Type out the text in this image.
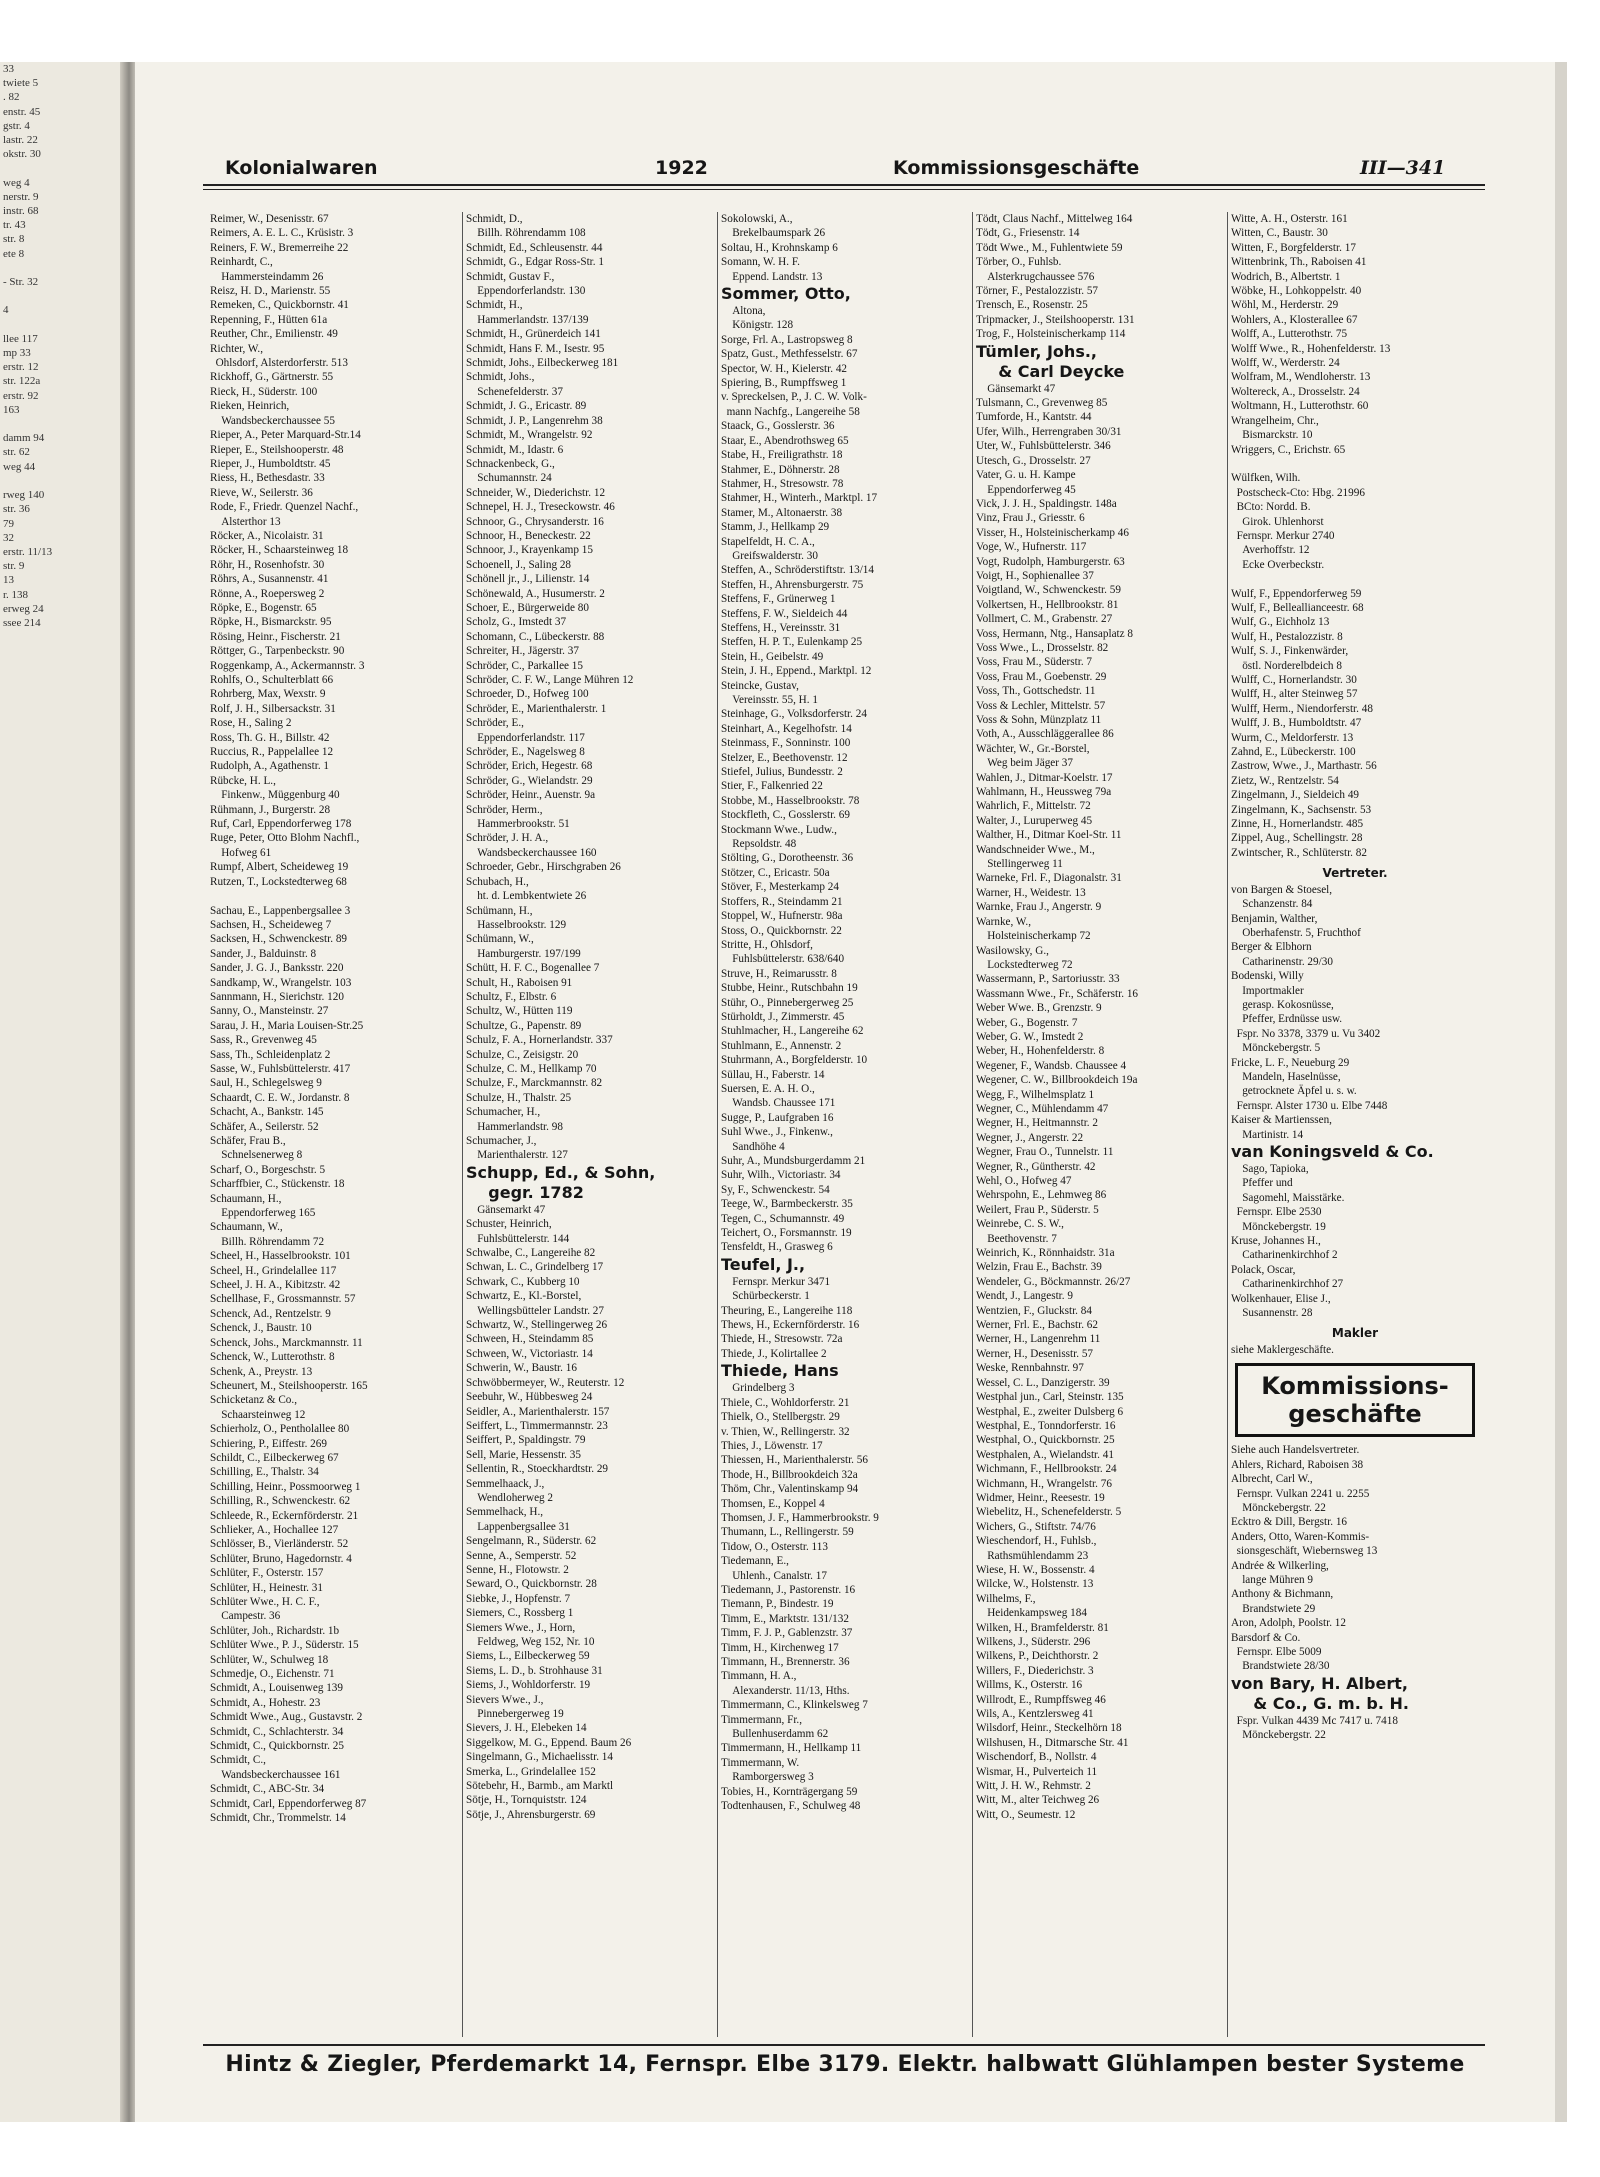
33
twiete 5
. 82
enstr. 45
gstr. 4
lastr. 22
okstr. 30

weg 4
nerstr. 9
instr. 68
tr. 43
str. 8
ete 8

- Str. 32

4

llee 117
mp 33
erstr. 12
str. 122a
erstr. 92
163

damm 94
str. 62
weg 44

rweg 140
str. 36
79
32
erstr. 11/13
str. 9
13
r. 138
erweg 24
ssee 214
Kolonialwaren	1922	Kommissionsgeschäfte	III—341
Reimer, W., Desenisstr. 67
Reimers, A. E. L. C., Krüsistr. 3
Reiners, F. W., Bremerreihe 22
Reinhardt, C.,
Hammersteindamm 26
Reisz, H. D., Marienstr. 55
Remeken, C., Quickbornstr. 41
Repenning, F., Hütten 61a
Reuther, Chr., Emilienstr. 49
Richter, W.,
Ohlsdorf, Alsterdorferstr. 513
Rickhoff, G., Gärtnerstr. 55
Rieck, H., Süderstr. 100
Rieken, Heinrich,
Wandsbeckerchaussee 55
Rieper, A., Peter Marquard-Str.14
Rieper, E., Steilshooperstr. 48
Rieper, J., Humboldtstr. 45
Riess, H., Bethesdastr. 33
Rieve, W., Seilerstr. 36
Rode, F., Friedr. Quenzel Nachf.,
Alsterthor 13
Röcker, A., Nicolaistr. 31
Röcker, H., Schaarsteinweg 18
Röhr, H., Rosenhofstr. 30
Röhrs, A., Susannenstr. 41
Rönne, A., Roepersweg 2
Röpke, E., Bogenstr. 65
Röpke, H., Bismarckstr. 95
Rösing, Heinr., Fischerstr. 21
Röttger, G., Tarpenbeckstr. 90
Roggenkamp, A., Ackermannstr. 3
Rohlfs, O., Schulterblatt 66
Rohrberg, Max, Wexstr. 9
Rolf, J. H., Silbersackstr. 31
Rose, H., Saling 2
Ross, Th. G. H., Billstr. 42
Ruccius, R., Pappelallee 12
Rudolph, A., Agathenstr. 1
Rübcke, H. L.,
Finkenw., Müggenburg 40
Rühmann, J., Burgerstr. 28
Ruf, Carl, Eppendorferweg 178
Ruge, Peter, Otto Blohm Nachfl.,
Hofweg 61
Rumpf, Albert, Scheideweg 19
Rutzen, T., Lockstedterweg 68

Sachau, E., Lappenbergsallee 3
Sachsen, H., Scheideweg 7
Sacksen, H., Schwenckestr. 89
Sander, J., Balduinstr. 8
Sander, J. G. J., Banksstr. 220
Sandkamp, W., Wrangelstr. 103
Sannmann, H., Sierichstr. 120
Sanny, O., Mansteinstr. 27
Sarau, J. H., Maria Louisen-Str.25
Sass, R., Grevenweg 45
Sass, Th., Schleidenplatz 2
Sasse, W., Fuhlsbüttelerstr. 417
Saul, H., Schlegelsweg 9
Schaardt, C. E. W., Jordanstr. 8
Schacht, A., Bankstr. 145
Schäfer, A., Seilerstr. 52
Schäfer, Frau B.,
Schnelsenerweg 8
Scharf, O., Borgeschstr. 5
Scharffbier, C., Stückenstr. 18
Schaumann, H.,
Eppendorferweg 165
Schaumann, W.,
Billh. Röhrendamm 72
Scheel, H., Hasselbrookstr. 101
Scheel, H., Grindelallee 117
Scheel, J. H. A., Kibitzstr. 42
Schellhase, F., Grossmannstr. 57
Schenck, Ad., Rentzelstr. 9
Schenck, J., Baustr. 10
Schenck, Johs., Marckmannstr. 11
Schenck, W., Lutterothstr. 8
Schenk, A., Preystr. 13
Scheunert, M., Steilshooperstr. 165
Schicketanz & Co.,
Schaarsteinweg 12
Schierholz, O., Pentholallee 80
Schiering, P., Eiffestr. 269
Schildt, C., Eilbeckerweg 67
Schilling, E., Thalstr. 34
Schilling, Heinr., Possmoorweg 1
Schilling, R., Schwenckestr. 62
Schleede, R., Eckernförderstr. 21
Schlieker, A., Hochallee 127
Schlösser, B., Vierländerstr. 52
Schlüter, Bruno, Hagedornstr. 4
Schlüter, F., Osterstr. 157
Schlüter, H., Heinestr. 31
Schlüter Wwe., H. C. F.,
Campestr. 36
Schlüter, Joh., Richardstr. 1b
Schlüter Wwe., P. J., Süderstr. 15
Schlüter, W., Schulweg 18
Schmedje, O., Eichenstr. 71
Schmidt, A., Louisenweg 139
Schmidt, A., Hohestr. 23
Schmidt Wwe., Aug., Gustavstr. 2
Schmidt, C., Schlachterstr. 34
Schmidt, C., Quickbornstr. 25
Schmidt, C.,
Wandsbeckerchaussee 161
Schmidt, C., ABC-Str. 34
Schmidt, Carl, Eppendorferweg 87
Schmidt, Chr., Trommelstr. 14
Schmidt, D.,
Billh. Röhrendamm 108
Schmidt, Ed., Schleusenstr. 44
Schmidt, G., Edgar Ross-Str. 1
Schmidt, Gustav F.,
Eppendorferlandstr. 130
Schmidt, H.,
Hammerlandstr. 137/139
Schmidt, H., Grünerdeich 141
Schmidt, Hans F. M., Isestr. 95
Schmidt, Johs., Eilbeckerweg 181
Schmidt, Johs.,
Schenefelderstr. 37
Schmidt, J. G., Ericastr. 89
Schmidt, J. P., Langenrehm 38
Schmidt, M., Wrangelstr. 92
Schmidt, M., Idastr. 6
Schnackenbeck, G.,
Schumannstr. 24
Schneider, W., Diederichstr. 12
Schnepel, H. J., Treseckowstr. 46
Schnoor, G., Chrysanderstr. 16
Schnoor, H., Beneckestr. 22
Schnoor, J., Krayenkamp 15
Schoenell, J., Saling 28
Schönell jr., J., Lilienstr. 14
Schönewald, A., Husumerstr. 2
Schoer, E., Bürgerweide 80
Scholz, G., Imstedt 37
Schomann, C., Lübeckerstr. 88
Schreiter, H., Jägerstr. 37
Schröder, C., Parkallee 15
Schröder, C. F. W., Lange Mühren 12
Schroeder, D., Hofweg 100
Schröder, E., Marienthalerstr. 1
Schröder, E.,
Eppendorferlandstr. 117
Schröder, E., Nagelsweg 8
Schröder, Erich, Hegestr. 68
Schröder, G., Wielandstr. 29
Schröder, Heinr., Auenstr. 9a
Schröder, Herm.,
Hammerbrookstr. 51
Schröder, J. H. A.,
Wandsbeckerchaussee 160
Schroeder, Gebr., Hirschgraben 26
Schubach, H.,
ht. d. Lembkentwiete 26
Schümann, H.,
Hasselbrookstr. 129
Schümann, W.,
Hamburgerstr. 197/199
Schütt, H. F. C., Bogenallee 7
Schult, H., Raboisen 91
Schultz, F., Elbstr. 6
Schultz, W., Hütten 119
Schultze, G., Papenstr. 89
Schulz, F. A., Hornerlandstr. 337
Schulze, C., Zeisigstr. 20
Schulze, C. M., Hellkamp 70
Schulze, F., Marckmannstr. 82
Schulze, H., Thalstr. 25
Schumacher, H.,
Hammerlandstr. 98
Schumacher, J.,
Marienthalerstr. 127
Schupp, Ed., & Sohn,
gegr. 1782
Gänsemarkt 47
Schuster, Heinrich,
Fuhlsbüttelerstr. 144
Schwalbe, C., Langereihe 82
Schwan, L. C., Grindelberg 17
Schwark, C., Kubberg 10
Schwartz, E., Kl.-Borstel,
Wellingsbütteler Landstr. 27
Schwartz, W., Stellingerweg 26
Schween, H., Steindamm 85
Schween, W., Victoriastr. 14
Schwerin, W., Baustr. 16
Schwöbbermeyer, W., Reuterstr. 12
Seebuhr, W., Hübbesweg 24
Seidler, A., Marienthalerstr. 157
Seiffert, L., Timmermannstr. 23
Seiffert, P., Spaldingstr. 79
Sell, Marie, Hessenstr. 35
Sellentin, R., Stoeckhardtstr. 29
Semmelhaack, J.,
Wendloherweg 2
Semmelhack, H.,
Lappenbergsallee 31
Sengelmann, R., Süderstr. 62
Senne, A., Semperstr. 52
Senne, H., Flotowstr. 2
Seward, O., Quickbornstr. 28
Siebke, J., Hopfenstr. 7
Siemers, C., Rossberg 1
Siemers Wwe., J., Horn,
Feldweg, Weg 152, Nr. 10
Siems, L., Eilbeckerweg 59
Siems, L. D., b. Strohhause 31
Siems, J., Wohldorferstr. 19
Sievers Wwe., J.,
Pinnebergerweg 19
Sievers, J. H., Elebeken 14
Siggelkow, M. G., Eppend. Baum 26
Singelmann, G., Michaelisstr. 14
Smerka, L., Grindelallee 152
Sötebehr, H., Barmb., am Marktl
Sötje, H., Tornquiststr. 124
Sötje, J., Ahrensburgerstr. 69
Sokolowski, A.,
Brekelbaumspark 26
Soltau, H., Krohnskamp 6
Somann, W. H. F.
Eppend. Landstr. 13
Sommer, Otto,
Altona,
Königstr. 128
Sorge, Frl. A., Lastropsweg 8
Spatz, Gust., Methfesselstr. 67
Spector, W. H., Kielerstr. 42
Spiering, B., Rumpffsweg 1
v. Spreckelsen, P., J. C. W. Volk-
mann Nachfg., Langereihe 58
Staack, G., Gosslerstr. 36
Staar, E., Abendrothsweg 65
Stabe, H., Freiligrathstr. 18
Stahmer, E., Döhnerstr. 28
Stahmer, H., Stresowstr. 78
Stahmer, H., Winterh., Marktpl. 17
Stamer, M., Altonaerstr. 38
Stamm, J., Hellkamp 29
Stapelfeldt, H. C. A.,
Greifswalderstr. 30
Steffen, A., Schröderstiftstr. 13/14
Steffen, H., Ahrensburgerstr. 75
Steffens, F., Grünerweg 1
Steffens, F. W., Sieldeich 44
Steffens, H., Vereinsstr. 31
Steffen, H. P. T., Eulenkamp 25
Stein, H., Geibelstr. 49
Stein, J. H., Eppend., Marktpl. 12
Steincke, Gustav,
Vereinsstr. 55, H. 1
Steinhage, G., Volksdorferstr. 24
Steinhart, A., Kegelhofstr. 14
Steinmass, F., Sonninstr. 100
Stelzer, E., Beethovenstr. 12
Stiefel, Julius, Bundesstr. 2
Stier, F., Falkenried 22
Stobbe, M., Hasselbrookstr. 78
Stockfleth, C., Gosslerstr. 69
Stockmann Wwe., Ludw.,
Repsoldstr. 48
Stölting, G., Dorotheenstr. 36
Stötzer, C., Ericastr. 50a
Stöver, F., Mesterkamp 24
Stoffers, R., Steindamm 21
Stoppel, W., Hufnerstr. 98a
Stoss, O., Quickbornstr. 22
Stritte, H., Ohlsdorf,
Fuhlsbüttelerstr. 638/640
Struve, H., Reimarusstr. 8
Stubbe, Heinr., Rutschbahn 19
Stühr, O., Pinnebergerweg 25
Stürholdt, J., Zimmerstr. 45
Stuhlmacher, H., Langereihe 62
Stuhlmann, E., Annenstr. 2
Stuhrmann, A., Borgfelderstr. 10
Süllau, H., Faberstr. 14
Suersen, E. A. H. O.,
Wandsb. Chaussee 171
Sugge, P., Laufgraben 16
Suhl Wwe., J., Finkenw.,
Sandhöhe 4
Suhr, A., Mundsburgerdamm 21
Suhr, Wilh., Victoriastr. 34
Sy, F., Schwenckestr. 54
Teege, W., Barmbeckerstr. 35
Tegen, C., Schumannstr. 49
Teichert, O., Forsmannstr. 19
Tensfeldt, H., Grasweg 6
Teufel, J.,
Fernspr. Merkur 3471
Schürbeckerstr. 1
Theuring, E., Langereihe 118
Thews, H., Eckernförderstr. 16
Thiede, H., Stresowstr. 72a
Thiede, J., Kolirtallee 2
Thiede, Hans
Grindelberg 3
Thiele, C., Wohldorferstr. 21
Thielk, O., Stellbergstr. 29
v. Thien, W., Rellingerstr. 32
Thies, J., Löwenstr. 17
Thiessen, H., Marienthalerstr. 56
Thode, H., Billbrookdeich 32a
Thöm, Chr., Valentinskamp 94
Thomsen, E., Koppel 4
Thomsen, J. F., Hammerbrookstr. 9
Thumann, L., Rellingerstr. 59
Tidow, O., Osterstr. 113
Tiedemann, E.,
Uhlenh., Canalstr. 17
Tiedemann, J., Pastorenstr. 16
Tiemann, P., Bindestr. 19
Timm, E., Marktstr. 131/132
Timm, F. J. P., Gablenzstr. 37
Timm, H., Kirchenweg 17
Timmann, H., Brennerstr. 36
Timmann, H. A.,
Alexanderstr. 11/13, Hths.
Timmermann, C., Klinkelsweg 7
Timmermann, Fr.,
Bullenhuserdamm 62
Timmermann, H., Hellkamp 11
Timmermann, W.
Ramborgersweg 3
Tobies, H., Kornträgergang 59
Todtenhausen, F., Schulweg 48
Tödt, Claus Nachf., Mittelweg 164
Tödt, G., Friesenstr. 14
Tödt Wwe., M., Fuhlentwiete 59
Törber, O., Fuhlsb.
Alsterkrugchaussee 576
Törner, F., Pestalozzistr. 57
Trensch, E., Rosenstr. 25
Tripmacker, J., Steilshooperstr. 131
Trog, F., Holsteinischerkamp 114
Tümler, Johs.,
& Carl Deycke
Gänsemarkt 47
Tulsmann, C., Grevenweg 85
Tumforde, H., Kantstr. 44
Ufer, Wilh., Herrengraben 30/31
Uter, W., Fuhlsbüttelerstr. 346
Utesch, G., Drosselstr. 27
Vater, G. u. H. Kampe
Eppendorferweg 45
Vick, J. J. H., Spaldingstr. 148a
Vinz, Frau J., Griesstr. 6
Visser, H., Holsteinischerkamp 46
Voge, W., Hufnerstr. 117
Vogt, Rudolph, Hamburgerstr. 63
Voigt, H., Sophienallee 37
Voigtland, W., Schwenckestr. 59
Volkertsen, H., Hellbrookstr. 81
Vollmert, C. M., Grabenstr. 27
Voss, Hermann, Ntg., Hansaplatz 8
Voss Wwe., L., Drosselstr. 82
Voss, Frau M., Süderstr. 7
Voss, Frau M., Goebenstr. 29
Voss, Th., Gottschedstr. 11
Voss & Lechler, Mittelstr. 57
Voss & Sohn, Münzplatz 11
Voth, A., Ausschläggerallee 86
Wächter, W., Gr.-Borstel,
Weg beim Jäger 37
Wahlen, J., Ditmar-Koelstr. 17
Wahlmann, H., Heussweg 79a
Wahrlich, F., Mittelstr. 72
Walter, J., Luruperweg 45
Walther, H., Ditmar Koel-Str. 11
Wandschneider Wwe., M.,
Stellingerweg 11
Warneke, Frl. F., Diagonalstr. 31
Warner, H., Weidestr. 13
Warnke, Frau J., Angerstr. 9
Warnke, W.,
Holsteinischerkamp 72
Wasilowsky, G.,
Lockstedterweg 72
Wassermann, P., Sartoriusstr. 33
Wassmann Wwe., Fr., Schäferstr. 16
Weber Wwe. B., Grenzstr. 9
Weber, G., Bogenstr. 7
Weber, G. W., Imstedt 2
Weber, H., Hohenfelderstr. 8
Wegener, F., Wandsb. Chaussee 4
Wegener, C. W., Billbrookdeich 19a
Wegg, F., Wilhelmsplatz 1
Wegner, C., Mühlendamm 47
Wegner, H., Heitmannstr. 2
Wegner, J., Angerstr. 22
Wegner, Frau O., Tunnelstr. 11
Wegner, R., Güntherstr. 42
Wehl, O., Hofweg 47
Wehrspohn, E., Lehmweg 86
Weilert, Frau P., Süderstr. 5
Weinrebe, C. S. W.,
Beethovenstr. 7
Weinrich, K., Rönnhaidstr. 31a
Welzin, Frau E., Bachstr. 39
Wendeler, G., Böckmannstr. 26/27
Wendt, J., Langestr. 9
Wentzien, F., Gluckstr. 84
Werner, Frl. E., Bachstr. 62
Werner, H., Langenrehm 11
Werner, H., Desenisstr. 57
Weske, Rennbahnstr. 97
Wessel, C. L., Danzigerstr. 39
Westphal jun., Carl, Steinstr. 135
Westphal, E., zweiter Dulsberg 6
Westphal, E., Tonndorferstr. 16
Westphal, O., Quickbornstr. 25
Westphalen, A., Wielandstr. 41
Wichmann, F., Hellbrookstr. 24
Wichmann, H., Wrangelstr. 76
Widmer, Heinr., Reesestr. 19
Wiebelitz, H., Schenefelderstr. 5
Wichers, G., Stiftstr. 74/76
Wieschendorf, H., Fuhlsb.,
Rathsmühlendamm 23
Wiese, H. W., Bossenstr. 4
Wilcke, W., Holstenstr. 13
Wilhelms, F.,
Heidenkampsweg 184
Wilken, H., Bramfelderstr. 81
Wilkens, J., Süderstr. 296
Wilkens, P., Deichthorstr. 2
Willers, F., Diederichstr. 3
Willms, K., Osterstr. 16
Willrodt, E., Rumpffsweg 46
Wils, A., Kentzlersweg 41
Wilsdorf, Heinr., Steckelhörn 18
Wilshusen, H., Ditmarsche Str. 41
Wischendorf, B., Nollstr. 4
Wismar, H., Pulverteich 11
Witt, J. H. W., Rehmstr. 2
Witt, M., alter Teichweg 26
Witt, O., Seumestr. 12
Witte, A. H., Osterstr. 161
Witten, C., Baustr. 30
Witten, F., Borgfelderstr. 17
Wittenbrink, Th., Raboisen 41
Wodrich, B., Albertstr. 1
Wöbke, H., Lohkoppelstr. 40
Wöhl, M., Herderstr. 29
Wohlers, A., Klosterallee 67
Wolff, A., Lutterothstr. 75
Wolff Wwe., R., Hohenfelderstr. 13
Wolff, W., Werderstr. 24
Wolfram, M., Wendloherstr. 13
Woltereck, A., Drosselstr. 24
Woltmann, H., Lutterothstr. 60
Wrangelheim, Chr.,
Bismarckstr. 10
Wriggers, C., Erichstr. 65

Wülfken, Wilh.
Postscheck-Cto: Hbg. 21996
BCto: Nordd. B.
Girok. Uhlenhorst
Fernspr. Merkur 2740
Averhoffstr. 12
Ecke Overbeckstr.

Wulf, F., Eppendorferweg 59
Wulf, F., Belleallianceestr. 68
Wulf, G., Eichholz 13
Wulf, H., Pestalozzistr. 8
Wulf, S. J., Finkenwärder,
östl. Norderelbdeich 8
Wulff, C., Hornerlandstr. 30
Wulff, H., alter Steinweg 57
Wulff, Herm., Niendorferstr. 48
Wulff, J. B., Humboldtstr. 47
Wurm, C., Meldorferstr. 13
Zahnd, E., Lübeckerstr. 100
Zastrow, Wwe., J., Marthastr. 56
Zietz, W., Rentzelstr. 54
Zingelmann, J., Sieldeich 49
Zingelmann, K., Sachsenstr. 53
Zinne, H., Hornerlandstr. 485
Zippel, Aug., Schellingstr. 28
Zwintscher, R., Schlüterstr. 82
Vertreter.
von Bargen & Stoesel,
Schanzenstr. 84
Benjamin, Walther,
Oberhafenstr. 5, Fruchthof
Berger & Elbhorn
Catharinenstr. 29/30
Bodenski, Willy
Importmakler
gerasp. Kokosnüsse,
Pfeffer, Erdnüsse usw.
Fspr. No 3378, 3379 u. Vu 3402
Mönckebergstr. 5
Fricke, L. F., Neueburg 29
Mandeln, Haselnüsse,
getrocknete Äpfel u. s. w.
Fernspr. Alster 1730 u. Elbe 7448
Kaiser & Martienssen,
Martinistr. 14
van Koningsveld & Co.
Sago, Tapioka,
Pfeffer und
Sagomehl, Maisstärke.
Fernspr. Elbe 2530
Mönckebergstr. 19
Kruse, Johannes H.,
Catharinenkirchhof 2
Polack, Oscar,
Catharinenkirchhof 27
Wolkenhauer, Elise J.,
Susannenstr. 28
Makler
siehe Maklergeschäfte.
Kommissions-
geschäfte
Siehe auch Handelsvertreter.
Ahlers, Richard, Raboisen 38
Albrecht, Carl W.,
Fernspr. Vulkan 2241 u. 2255
Mönckebergstr. 22
Ecktro & Dill, Bergstr. 16
Anders, Otto, Waren-Kommis-
sionsgeschäft, Wiebernsweg 13
Andrée & Wilkerling,
lange Mühren 9
Anthony & Bichmann,
Brandstwiete 29
Aron, Adolph, Poolstr. 12
Barsdorf & Co.
Fernspr. Elbe 5009
Brandstwiete 28/30
von Bary, H. Albert,
& Co., G. m. b. H.
Fspr. Vulkan 4439 Mc 7417 u. 7418
Mönckebergstr. 22
Hintz & Ziegler, Pferdemarkt 14, Fernspr. Elbe 3179. Elektr. halbwatt Glühlampen bester Systeme
